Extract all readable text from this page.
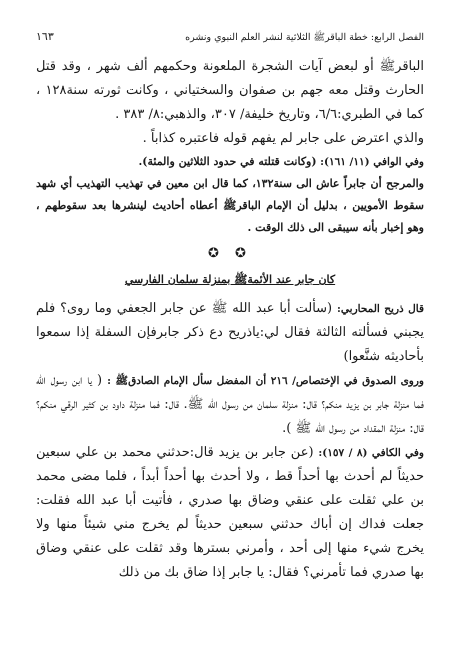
الفصل الرابع: خطة الباقرﷺ الثلاثية لنشر العلم النبوي ونشره
١٦٣

الباقرﷺ أو لبعض آيات الشجرة الملعونة وحكمهم ألف شهر ، وقد قتل الحارث وقتل معه جهم بن صفوان والسختياني ، وكانت ثورته سنة١٢٨ ، كما في الطبري:٦/٦، وتاريخ خليفة/ ٣٠٧، والذهبي:٨/ ٣٨٣ .

والذي اعترض على جابر لم يفهم قوله فاعتبره كذاباً .

وفي الوافي (١١/ ١٦١): (وكانت قتلته في حدود الثلاثين والمئة).

والمرجح أن جابراً عاش الى سنة١٣٢، كما قال ابن معين في تهذيب التهذيب أي شهد سقوط الأمويين ، بدليل أن الإمام الباقرﷺ أعطاه أحاديث لينشرها بعد سقوطهم ، وهو إخبار بأنه سيبقى الى ذلك الوقت .

✪ ✪
كان جابر عند الأئمةﷺ بمنزلة سلمان الفارسي

قال ذريح المحاربي: (سألت أبا عبد الله ﷺ عن جابر الجعفي وما روى؟ فلم يجبني فسألته الثالثة فقال لي:ياذريح دع ذكر جابرفإن السفلة إذا سمعوا بأحاديثه شنَّعوا)

وروى الصدوق في الإختصاص/ ٢١٦ أن المفضل سأل الإمام الصادقﷺ : ( يا ابن رسول الله فما منزلة جابر بن يزيد منكم؟ قال: منزلة سلمان من رسول الله ﷺ. قال: فما منزلة داود بن كثير الرقي منكم؟ قال: منزلة المقداد من رسول الله ﷺ ).

وفي الكافي (٨ / ١٥٧): (عن جابر بن يزيد قال:حدثني محمد بن علي سبعين حديثاً لم أحدث بها أحداً قط ، ولا أحدث بها أحداً أبداً ، فلما مضى محمد بن علي ثقلت على عنقي وضاق بها صدري ، فأتيت أبا عبد الله فقلت: جعلت فداك إن أباك حدثني سبعين حديثاً لم يخرج مني شيئاً منها ولا يخرج شيء منها إلى أحد ، وأمرني بسترها وقد ثقلت على عنقي وضاق بها صدري فما تأمرني؟ فقال: يا جابر إذا ضاق بك من ذلك
